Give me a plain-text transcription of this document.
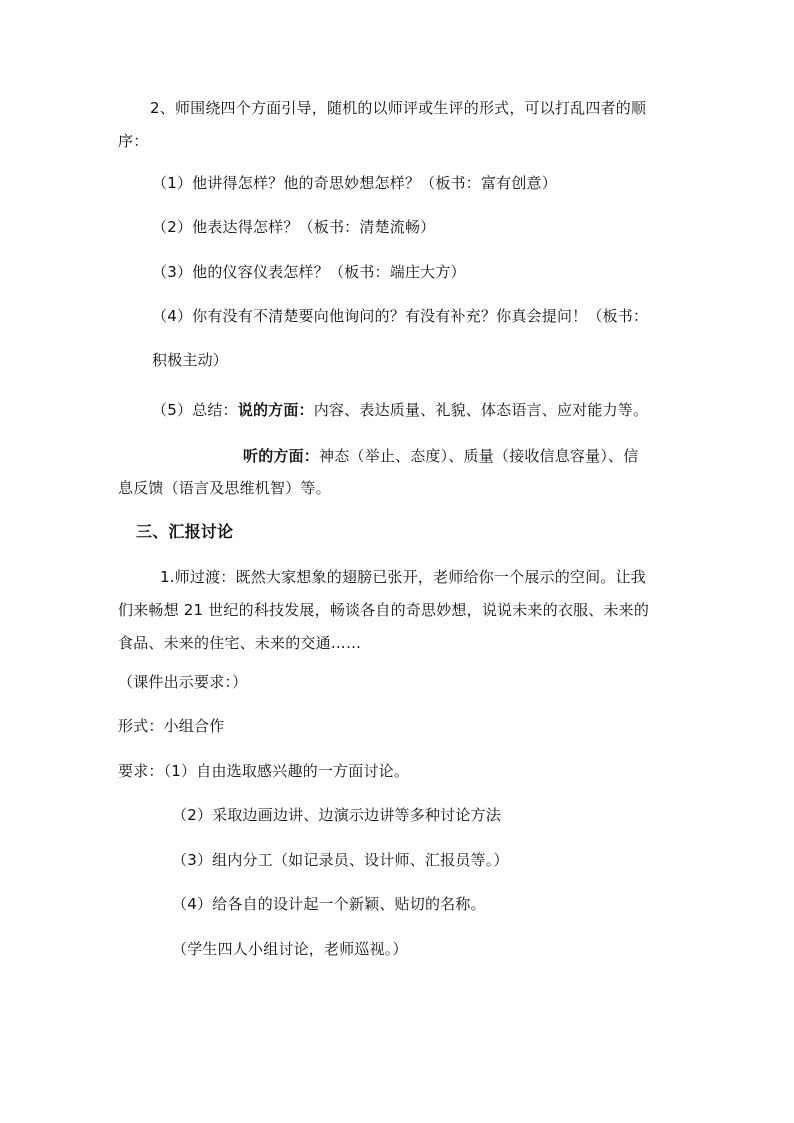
2、师围绕四个方面引导，随机的以师评或生评的形式，可以打乱四者的顺
序：
（1）他讲得怎样？他的奇思妙想怎样？（板书：富有创意）
（2）他表达得怎样？（板书：清楚流畅）
（3）他的仪容仪表怎样？（板书：端庄大方）
（4）你有没有不清楚要向他询问的？有没有补充？你真会提问！（板书：
积极主动）
（5）总结：说的方面：内容、表达质量、礼貌、体态语言、应对能力等。
听的方面：神态（举止、态度）、质量（接收信息容量）、信
息反馈（语言及思维机智）等。
三、汇报讨论
1.师过渡：既然大家想象的翅膀已张开，老师给你一个展示的空间。让我
们来畅想 21 世纪的科技发展，畅谈各自的奇思妙想，说说未来的衣服、未来的
食品、未来的住宅、未来的交通……
（课件出示要求：）
形式：小组合作
要求：（1）自由选取感兴趣的一方面讨论。
（2）采取边画边讲、边演示边讲等多种讨论方法
（3）组内分工（如记录员、设计师、汇报员等。）
（4）给各自的设计起一个新颖、贴切的名称。
（学生四人小组讨论，老师巡视。）
